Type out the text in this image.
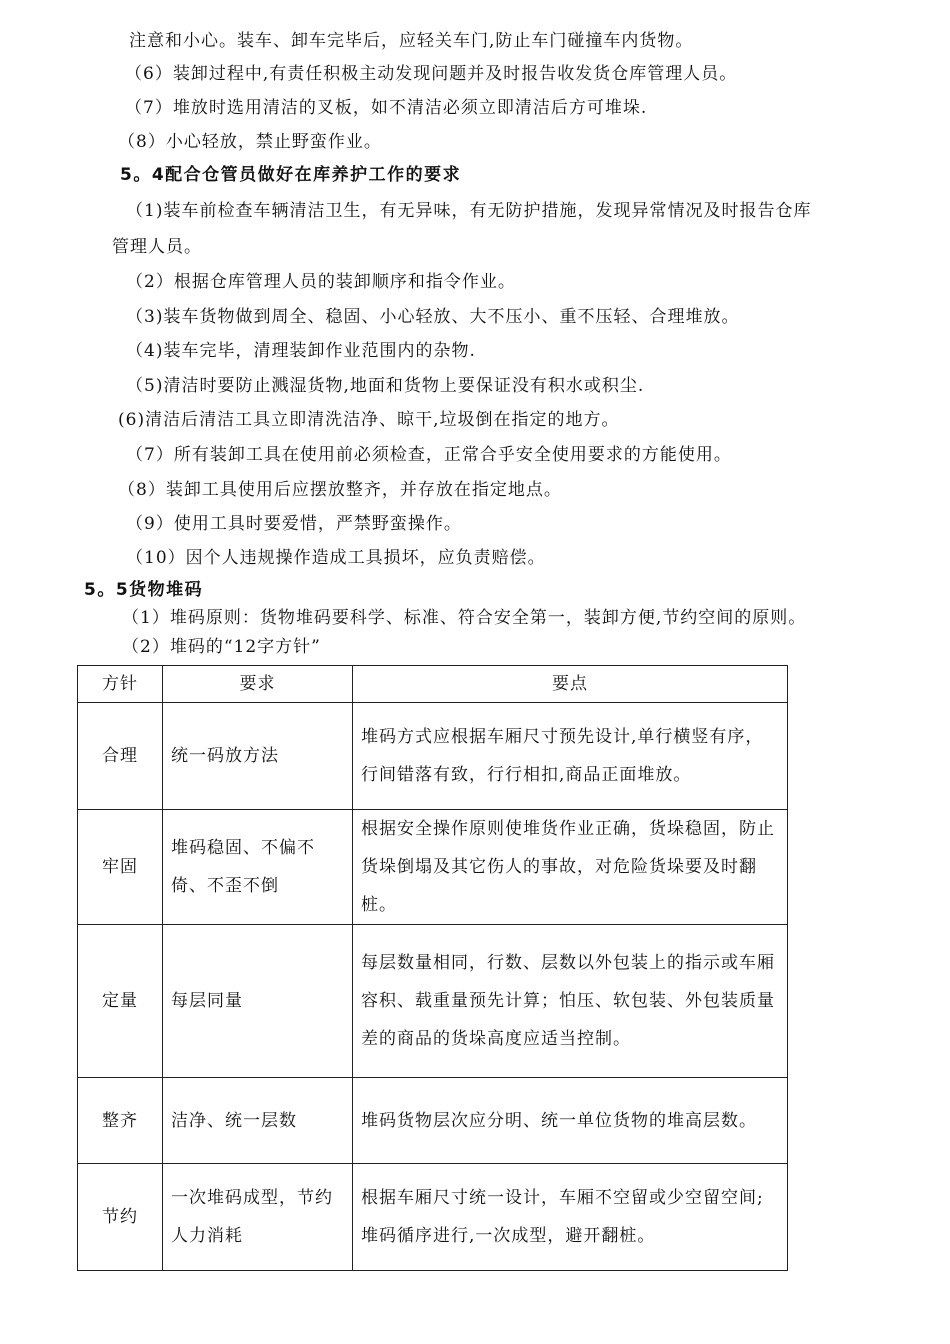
注意和小心。装车、卸车完毕后，应轻关车门,防止车门碰撞车内货物。
（6）装卸过程中,有责任积极主动发现问题并及时报告收发货仓库管理人员。
（7）堆放时选用清洁的叉板，如不清洁必须立即清洁后方可堆垛.
（8）小心轻放，禁止野蛮作业。
5。4配合仓管员做好在库养护工作的要求
（1)装车前检查车辆清洁卫生，有无异味，有无防护措施，发现异常情况及时报告仓库
管理人员。
（2）根据仓库管理人员的装卸顺序和指令作业。
（3)装车货物做到周全、稳固、小心轻放、大不压小、重不压轻、合理堆放。
（4)装车完毕，清理装卸作业范围内的杂物.
（5)清洁时要防止溅湿货物,地面和货物上要保证没有积水或积尘.
(6)清洁后清洁工具立即清洗洁净、晾干,垃圾倒在指定的地方。
（7）所有装卸工具在使用前必须检查，正常合乎安全使用要求的方能使用。
（8）装卸工具使用后应摆放整齐，并存放在指定地点。
（9）使用工具时要爱惜，严禁野蛮操作。
（10）因个人违规操作造成工具损坏，应负责赔偿。
5。5货物堆码
（1）堆码原则：货物堆码要科学、标准、符合安全第一，装卸方便,节约空间的原则。
（2）堆码的“12字方针”
方针	要求	要点
合理	统一码放方法	堆码方式应根据车厢尺寸预先设计,单行横竖有序，行间错落有致，行行相扣,商品正面堆放。
牢固	堆码稳固、不偏不倚、不歪不倒	根据安全操作原则使堆货作业正确，货垛稳固，防止货垛倒塌及其它伤人的事故，对危险货垛要及时翻桩。
定量	每层同量	每层数量相同，行数、层数以外包装上的指示或车厢容积、载重量预先计算；怕压、软包装、外包装质量差的商品的货垛高度应适当控制。
整齐	洁净、统一层数	堆码货物层次应分明、统一单位货物的堆高层数。
节约	一次堆码成型，节约人力消耗	根据车厢尺寸统一设计，车厢不空留或少空留空间;堆码循序进行,一次成型，避开翻桩。
